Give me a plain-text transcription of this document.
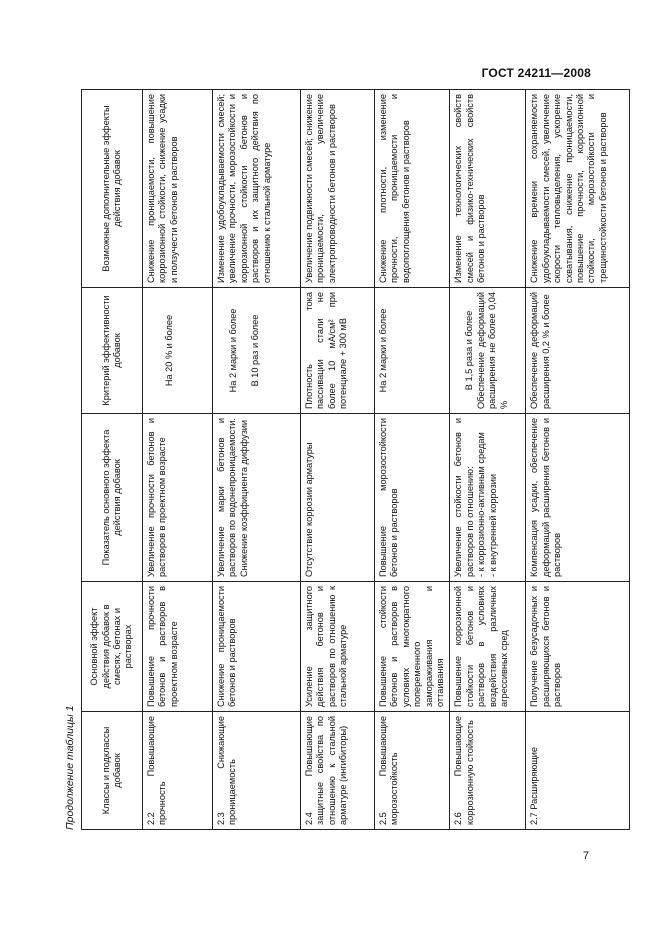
ГОСТ 24211—2008
Продолжение таблицы 1	Классы и подклассы добавок	Основной эффект действия добавок в смесях, бетонах и растворах	Показатель основного эффекта действия добавок	Критерий эффективности добавок	Возможные дополнительные эффекты действия добавок
2.2 Повышающие прочность	Повышение прочности бетонов и растворов в проектном возрасте	Увеличение прочности бетонов и растворов в проектном возрасте	На 20 % и более	Снижение проницаемости, повышение коррозионной стойкости, снижение усадки и ползучести бетонов и растворов
2.3 Снижающие проницаемость	Снижение проницаемости бетонов и растворов	Увеличение марки бетонов и растворов по водонепроницаемости. Снижение коэффициента диффузии	На 2 марки и более В 10 раз и более	Изменение удобоукладываемости смесей; увеличение прочности, морозостойкости и коррозионной стойкости бетонов и растворов и их защитного действия по отношению к стальной арматуре
2.4 Повышающие защитные свойства по отношению к стальной арматуре (ингибиторы)	Усиление защитного действия бетонов и растворов по отношению к стальной арматуре	Отсутствие коррозии арматуры	Плотность тока пассивации стали не более 10 мА/см² при потенциале + 300 мВ	Увеличение подвижности смесей; снижение проницаемости, увеличение электропроводности бетонов и растворов
2.5 Повышающие морозостойкость	Повышение стойкости бетонов и растворов в условиях многократного попеременного замораживания и оттаивания	Повышение морозостойкости бетонов и растворов	На 2 марки и более	Снижение плотности, изменение прочности, проницаемости и водопоглощения бетонов и растворов
2.6 Повышающие коррозионную стойкость	Повышение коррозионной стойкости бетонов и растворов в условиях воздействия различных агрессивных сред	Увеличение стойкости бетонов и растворов по отношению: - к коррозионно-активным средам - к внутренней коррозии	В 1,5 раза и более Обеспечение деформаций расширения не более 0,04 %	Изменение технологических свойств смесей и физико-технических свойств бетонов и растворов
2.7 Расширяющие	Получение безусадочных и расширяющихся бетонов и растворов	Компенсация усадки, обеспечение деформаций расширения бетонов и растворов	Обеспечение деформаций расширения 0,2 % и более	Снижение времени сохраняемости удобоукладываемости смесей, увеличение скорости тепловыделения, ускорение схватывания, снижение проницаемости, повышение прочности, коррозионной стойкости, морозостойкости и трещиностойкости бетонов и растворов
7
